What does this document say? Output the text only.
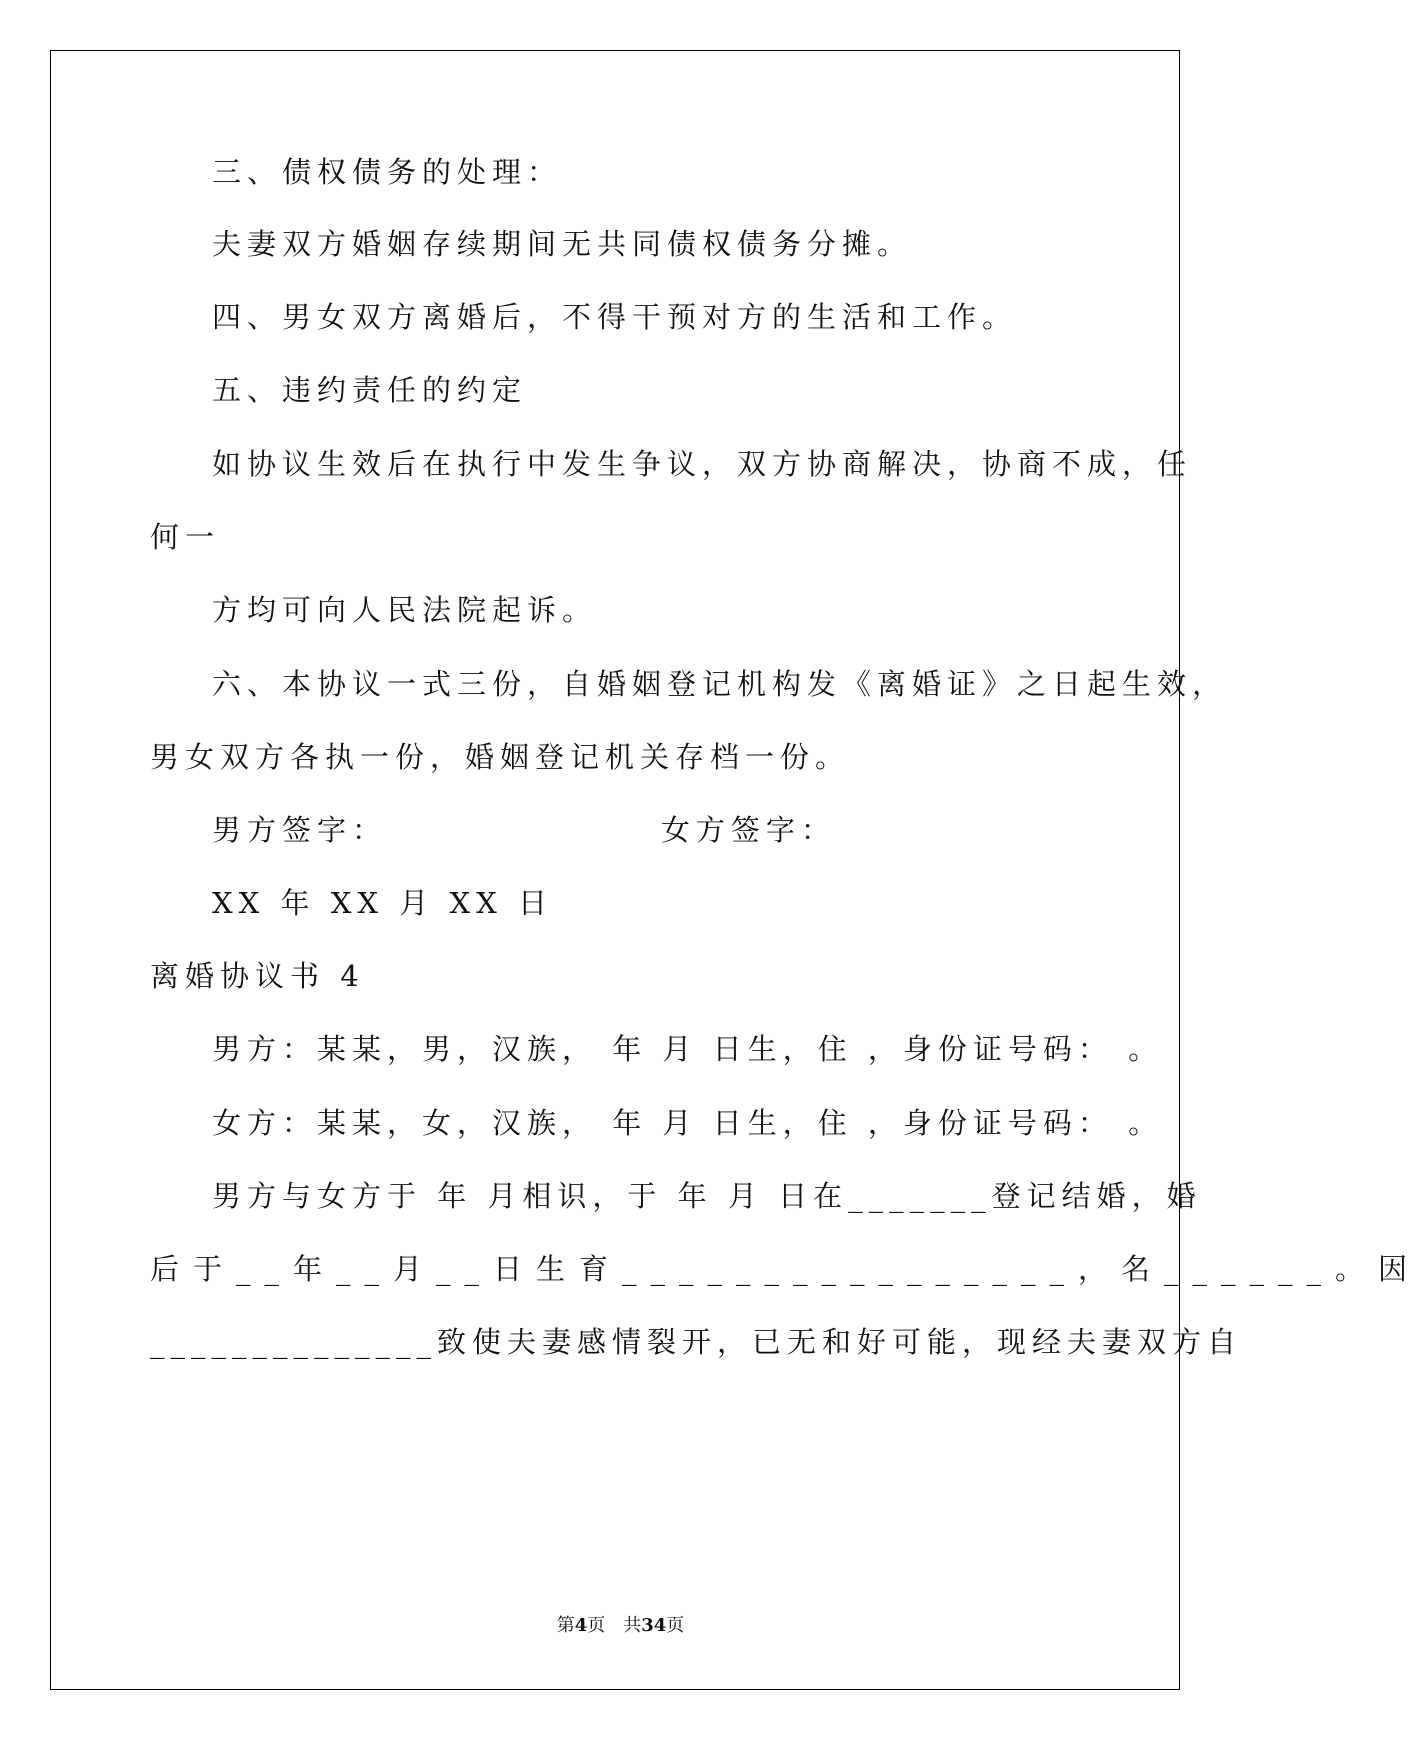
三、债权债务的处理：
夫妻双方婚姻存续期间无共同债权债务分摊。
四、男女双方离婚后，不得干预对方的生活和工作。
五、违约责任的约定
如协议生效后在执行中发生争议，双方协商解决，协商不成，任
何一
方均可向人民法院起诉。
六、本协议一式三份，自婚姻登记机构发《离婚证》之日起生效，
男女双方各执一份，婚姻登记机关存档一份。
男方签字：                  女方签字：
XX 年 XX 月 XX 日
离婚协议书 4
男方：某某，男，汉族， 年 月 日生，住 ，身份证号码： 。
女方：某某，女，汉族， 年 月 日生，住 ，身份证号码： 。
男方与女方于 年 月相识，于 年 月 日在_______登记结婚，婚
后于__年__月__日生育________________，名______。因
______________致使夫妻感情裂开，已无和好可能，现经夫妻双方自
第4页　共34页
